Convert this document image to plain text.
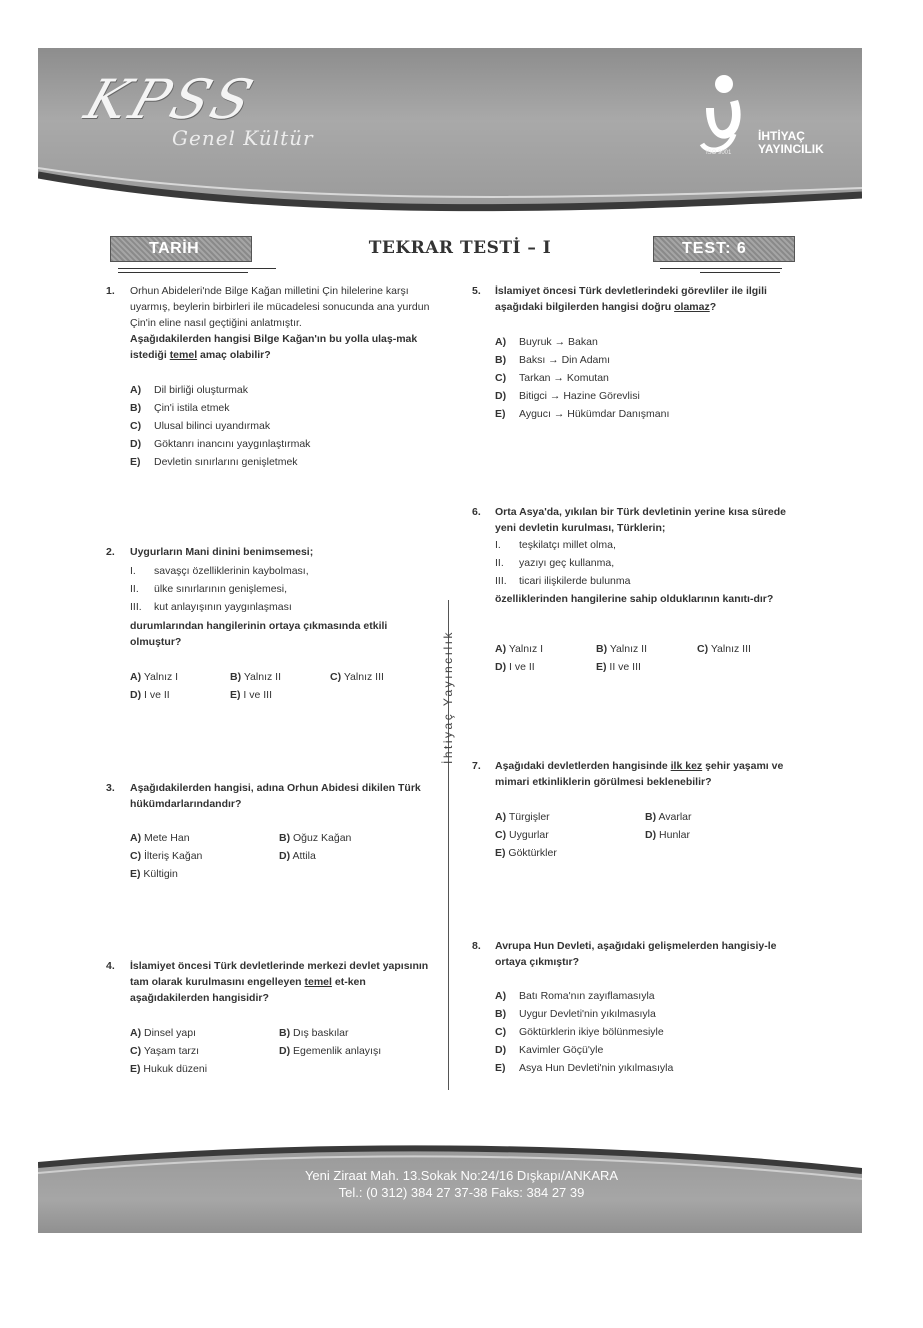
KPSS
Genel Kültür
ISO 9001
İHTİYAÇ
YAYINCILIK
TARİH	TEKRAR TESTİ – I	TEST: 6
İhtiyaç Yayıncılık
1. Orhun Abideleri'nde Bilge Kağan milletini Çin hilelerine karşı uyarmış, beylerin birbirleri ile mücadelesi sonucunda ana yurdun Çin'in eline nasıl geçtiğini anlatmıştır.
Aşağıdakilerden hangisi Bilge Kağan'ın bu yolla ulaş-mak istediği temel amaç olabilir?
A) Dil birliği oluşturmak
B) Çin'i istila etmek
C) Ulusal bilinci uyandırmak
D) Göktanrı inancını yaygınlaştırmak
E) Devletin sınırlarını genişletmek
2. Uygurların Mani dinini benimsemesi;
I. savaşçı özelliklerinin kaybolması,
II. ülke sınırlarının genişlemesi,
III. kut anlayışının yaygınlaşması
durumlarından hangilerinin ortaya çıkmasında etkili olmuştur?
A) Yalnız I	B) Yalnız II	C) Yalnız III
D) I ve II	E) I ve III
3. Aşağıdakilerden hangisi, adına Orhun Abidesi dikilen Türk hükümdarlarındandır?
A) Mete Han	B) Oğuz Kağan
C) İlteriş Kağan	D) Attila
E) Kültigin
4. İslamiyet öncesi Türk devletlerinde merkezi devlet yapısının tam olarak kurulmasını engelleyen temel et-ken aşağıdakilerden hangisidir?
A) Dinsel yapı	B) Dış baskılar
C) Yaşam tarzı	D) Egemenlik anlayışı
E) Hukuk düzeni
5. İslamiyet öncesi Türk devletlerindeki görevliler ile ilgili aşağıdaki bilgilerden hangisi doğru olamaz?
A) Buyruk → Bakan
B) Baksı → Din Adamı
C) Tarkan → Komutan
D) Bitigci → Hazine Görevlisi
E) Aygucı → Hükümdar Danışmanı
6. Orta Asya'da, yıkılan bir Türk devletinin yerine kısa sürede yeni devletin kurulması, Türklerin;
I. teşkilatçı millet olma,
II. yazıyı geç kullanma,
III. ticari ilişkilerde bulunma
özelliklerinden hangilerine sahip olduklarının kanıtı-dır?
A) Yalnız I	B) Yalnız II	C) Yalnız III
D) I ve II	E) II ve III
7. Aşağıdaki devletlerden hangisinde ilk kez şehir yaşamı ve mimari etkinliklerin görülmesi beklenebilir?
A) Türgişler	B) Avarlar
C) Uygurlar	D) Hunlar
E) Göktürkler
8. Avrupa Hun Devleti, aşağıdaki gelişmelerden hangisiy-le ortaya çıkmıştır?
A) Batı Roma'nın zayıflamasıyla
B) Uygur Devleti'nin yıkılmasıyla
C) Göktürklerin ikiye bölünmesiyle
D) Kavimler Göçü'yle
E) Asya Hun Devleti'nin yıkılmasıyla
Yeni Ziraat Mah. 13.Sokak No:24/16 Dışkapı/ANKARA
Tel.: (0 312) 384 27 37-38 Faks: 384 27 39
